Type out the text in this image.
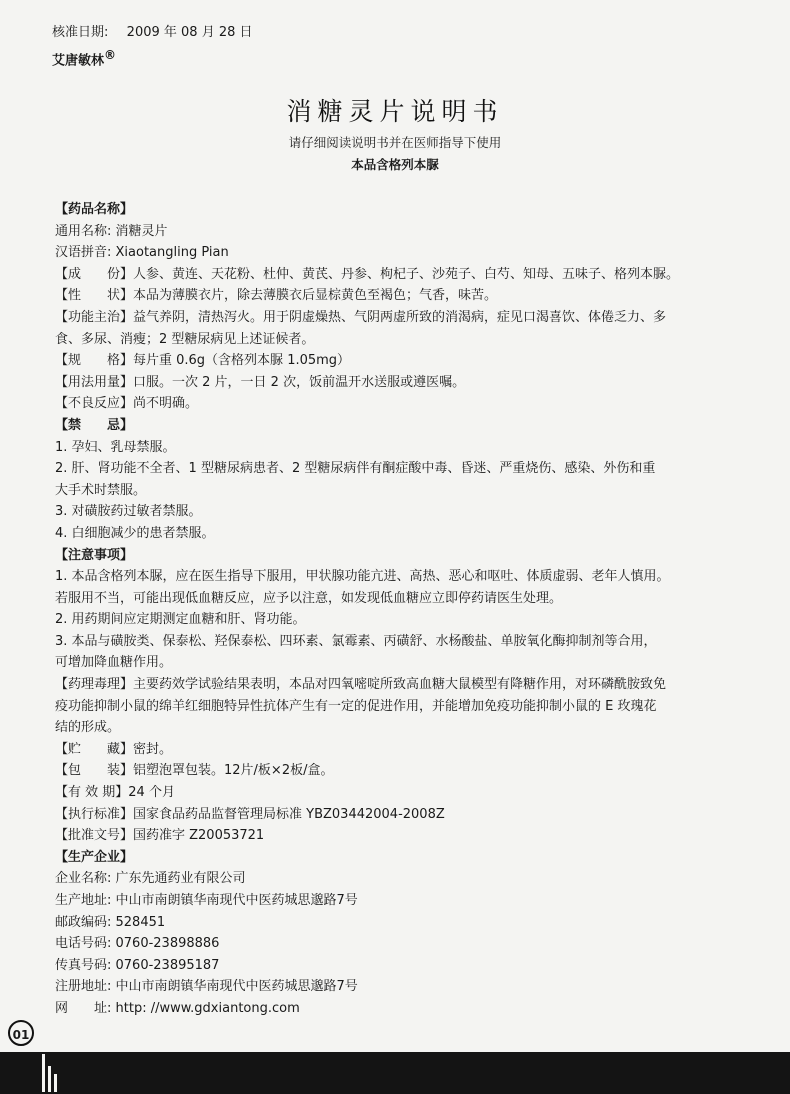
核准日期: 2009 年 08 月 28 日
艾唐敏林®
消糖灵片说明书
请仔细阅读说明书并在医师指导下使用
本品含格列本脲
【药品名称】
通用名称: 消糖灵片
汉语拼音: Xiaotangling Pian
【成　　份】人参、黄连、天花粉、杜仲、黄芪、丹参、枸杞子、沙苑子、白芍、知母、五味子、格列本脲。
【性　　状】本品为薄膜衣片，除去薄膜衣后显棕黄色至褐色；气香，味苦。
【功能主治】益气养阴，清热泻火。用于阴虚燥热、气阴两虚所致的消渴病，症见口渴喜饮、体倦乏力、多
食、多尿、消瘦；2 型糖尿病见上述证候者。
【规　　格】每片重 0.6g（含格列本脲 1.05mg）
【用法用量】口服。一次 2 片，一日 2 次，饭前温开水送服或遵医嘱。
【不良反应】尚不明确。
【禁　　忌】
1. 孕妇、乳母禁服。
2. 肝、肾功能不全者、1 型糖尿病患者、2 型糖尿病伴有酮症酸中毒、昏迷、严重烧伤、感染、外伤和重
大手术时禁服。
3. 对磺胺药过敏者禁服。
4. 白细胞减少的患者禁服。
【注意事项】
1. 本品含格列本脲，应在医生指导下服用，甲状腺功能亢进、高热、恶心和呕吐、体质虚弱、老年人慎用。
若服用不当，可能出现低血糖反应，应予以注意，如发现低血糖应立即停药请医生处理。
2. 用药期间应定期测定血糖和肝、肾功能。
3. 本品与磺胺类、保泰松、羟保泰松、四环素、氯霉素、丙磺舒、水杨酸盐、单胺氧化酶抑制剂等合用，
可增加降血糖作用。
【药理毒理】主要药效学试验结果表明，本品对四氧嘧啶所致高血糖大鼠模型有降糖作用，对环磷酰胺致免
疫功能抑制小鼠的绵羊红细胞特异性抗体产生有一定的促进作用，并能增加免疫功能抑制小鼠的 E 玫瑰花
结的形成。
【贮　　藏】密封。
【包　　装】铝塑泡罩包装。12片/板×2板/盒。
【有 效 期】24 个月
【执行标准】国家食品药品监督管理局标准 YBZ03442004-2008Z
【批准文号】国药准字 Z20053721
【生产企业】
企业名称: 广东先通药业有限公司
生产地址: 中山市南朗镇华南现代中医药城思邈路7号
邮政编码: 528451
电话号码: 0760-23898886
传真号码: 0760-23895187
注册地址: 中山市南朗镇华南现代中医药城思邈路7号
网　　址: http: //www.gdxiantong.com
01
